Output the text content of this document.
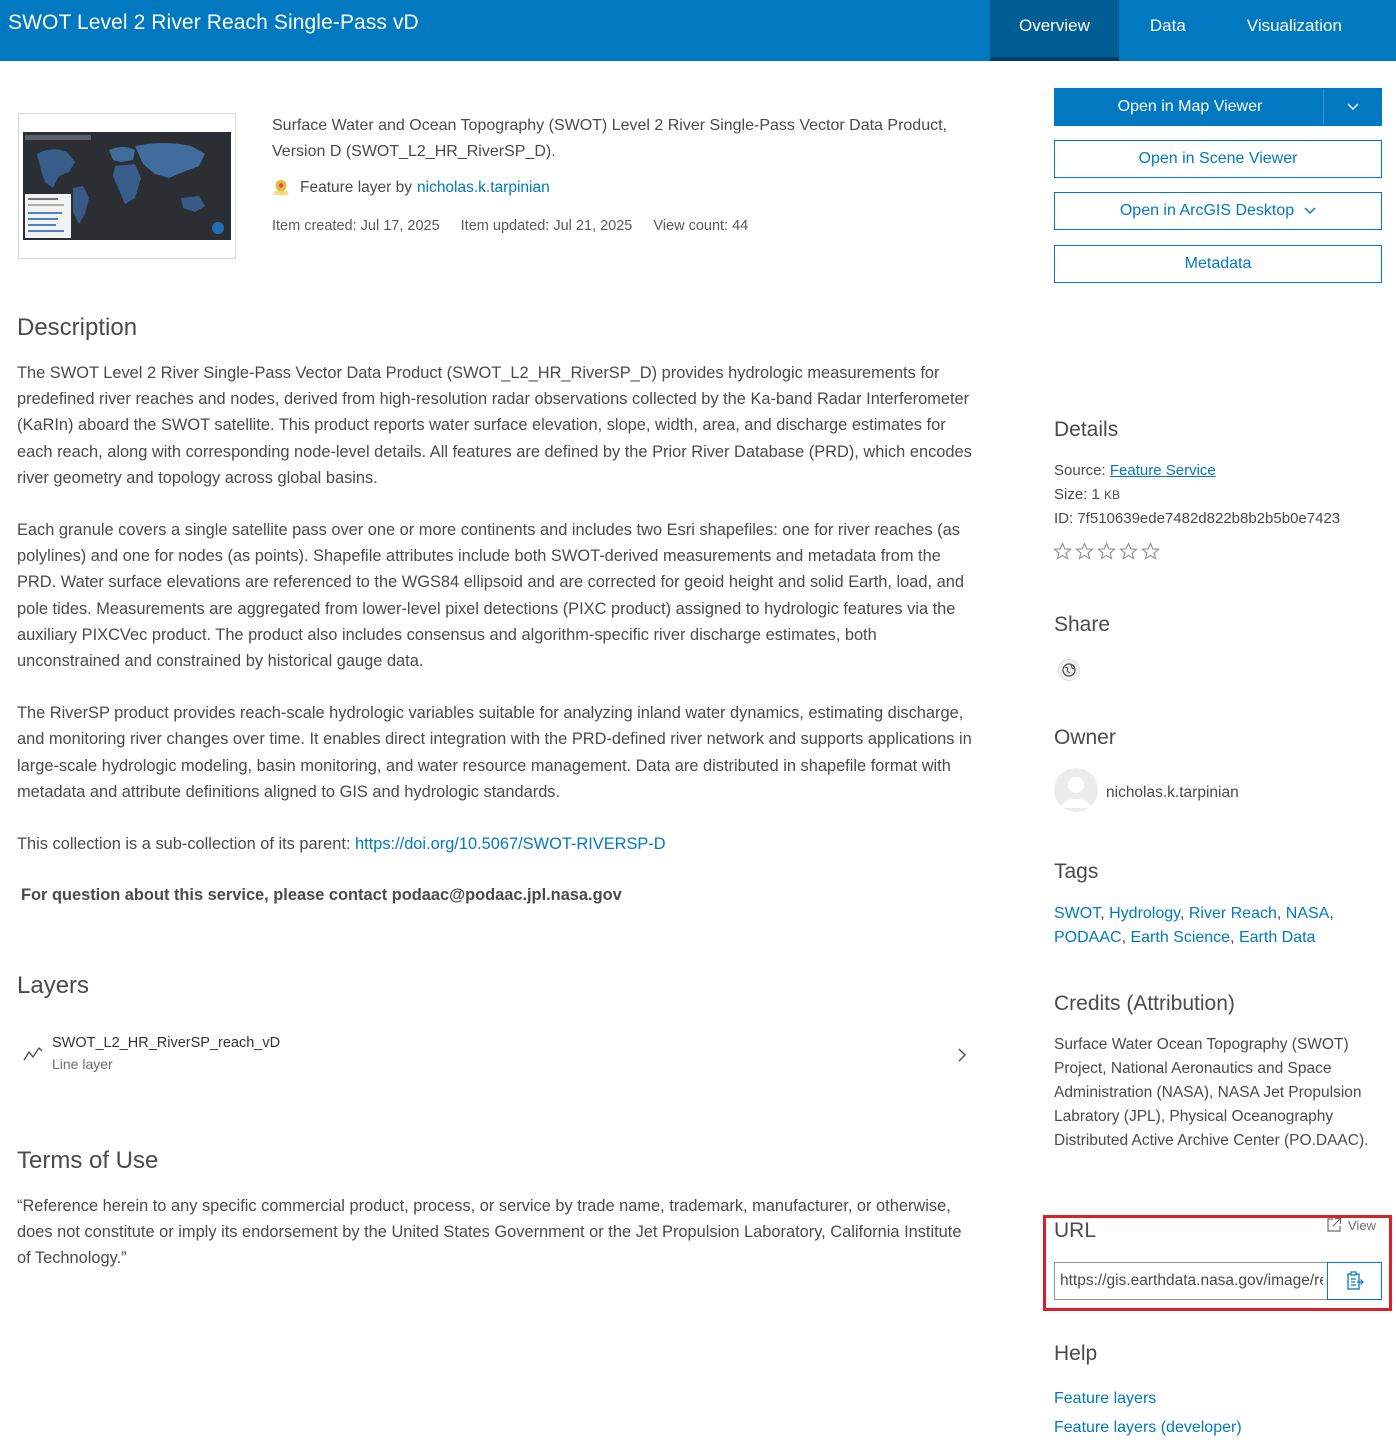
SWOT Level 2 River Reach Single-Pass vD	Overview	Data	Visualization
Surface Water and Ocean Topography (SWOT) Level 2 River Single-Pass Vector Data Product, Version D (SWOT_L2_HR_RiverSP_D).
Feature layer by nicholas.k.tarpinian
Item created: Jul 17, 2025 Item updated: Jul 21, 2025 View count: 44
Description

The SWOT Level 2 River Single-Pass Vector Data Product (SWOT_L2_HR_RiverSP_D) provides hydrologic measurements for predefined river reaches and nodes, derived from high-resolution radar observations collected by the Ka-band Radar Interferometer (KaRIn) aboard the SWOT satellite. This product reports water surface elevation, slope, width, area, and discharge estimates for each reach, along with corresponding node-level details. All features are defined by the Prior River Database (PRD), which encodes river geometry and topology across global basins.

Each granule covers a single satellite pass over one or more continents and includes two Esri shapefiles: one for river reaches (as polylines) and one for nodes (as points). Shapefile attributes include both SWOT-derived measurements and metadata from the PRD. Water surface elevations are referenced to the WGS84 ellipsoid and are corrected for geoid height and solid Earth, load, and pole tides. Measurements are aggregated from lower-level pixel detections (PIXC product) assigned to hydrologic features via the auxiliary PIXCVec product. The product also includes consensus and algorithm-specific river discharge estimates, both unconstrained and constrained by historical gauge data.

The RiverSP product provides reach-scale hydrologic variables suitable for analyzing inland water dynamics, estimating discharge, and monitoring river changes over time. It enables direct integration with the PRD-defined river network and supports applications in large-scale hydrologic modeling, basin monitoring, and water resource management. Data are distributed in shapefile format with metadata and attribute definitions aligned to GIS and hydrologic standards.

This collection is a sub-collection of its parent: https://doi.org/10.5067/SWOT-RIVERSP-D

For question about this service, please contact podaac@podaac.jpl.nasa.gov

Layers
SWOT_L2_HR_RiverSP_reach_vD
Line layer
Terms of Use
“Reference herein to any specific commercial product, process, or service by trade name, trademark, manufacturer, or otherwise, does not constitute or imply its endorsement by the United States Government or the Jet Propulsion Laboratory, California Institute of Technology.”
Open in Map Viewer
Open in Scene Viewer
Open in ArcGIS Desktop
Metadata
Details
Source: Feature Service
Size: 1 KB
ID: 7f510639ede7482d822b8b2b5b0e7423
Share
Owner
nicholas.k.tarpinian
Tags
SWOT, Hydrology, River Reach, NASA,
PODAAC, Earth Science, Earth Data
Credits (Attribution)
Surface Water Ocean Topography (SWOT) Project, National Aeronautics and Space Administration (NASA), NASA Jet Propulsion Labratory (JPL), Physical Oceanography Distributed Active Archive Center (PO.DAAC).
URL	View
https://gis.earthdata.nasa.gov/image/rest/services/SWOT_L2_HR_RiverSP_reach_vD/FeatureServer
Help
Feature layers
Feature layers (developer)
